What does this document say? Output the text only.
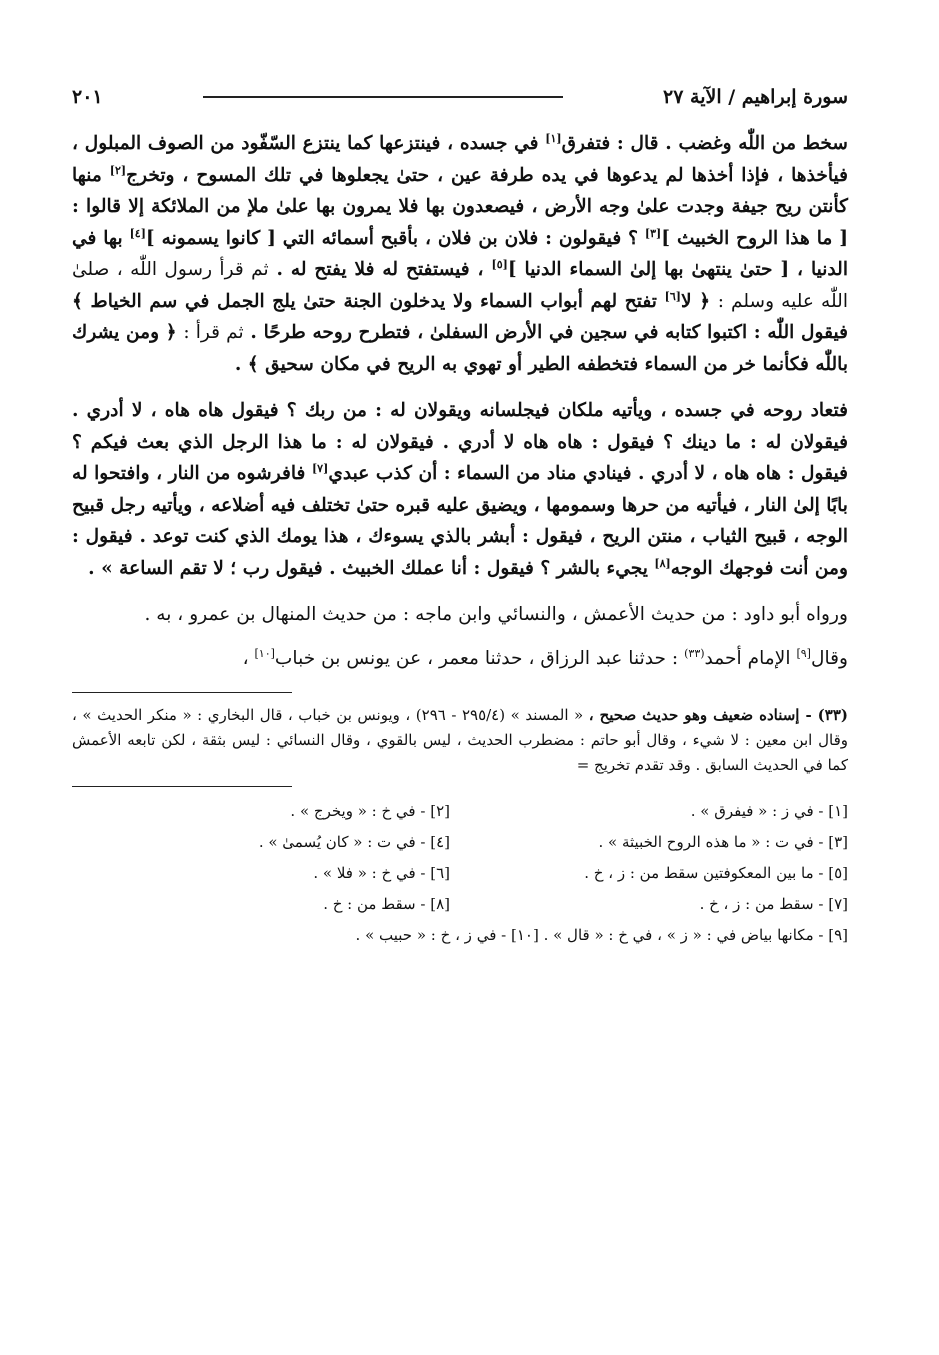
سورة إبراهيم / الآية ٢٧
٢٠١

سخط من اللّٰه وغضب . قال : فتفرق[١] في جسده ، فينتزعها كما ينتزع السّفّود من الصوف المبلول ، فيأخذها ، فإذا أخذها لم يدعوها في يده طرفة عين ، حتىٰ يجعلوها في تلك المسوح ، وتخرج[٢] منها كأنتن ريح جيفة وجدت علىٰ وجه الأرض ، فيصعدون بها فلا يمرون بها علىٰ ملإ من الملائكة إلا قالوا : [ ما هذا الروح الخبيث ][٣] ؟ فيقولون : فلان بن فلان ، بأقبح أسمائه التي [ كانوا يسمونه ][٤] بها في الدنيا ، [ حتىٰ ينتهىٰ بها إلىٰ السماء الدنيا ][٥] ، فيستفتح له فلا يفتح له . ثم قرأ رسول اللّٰه ، صلىٰ اللّٰه عليه وسلم : ﴿ لا[٦] تفتح لهم أبواب السماء ولا يدخلون الجنة حتىٰ يلج الجمل في سم الخياط ﴾ فيقول اللّٰه : اكتبوا كتابه في سجين في الأرض السفلىٰ ، فتطرح روحه طرحًا . ثم قرأ : ﴿ ومن يشرك باللّٰه فكأنما خر من السماء فتخطفه الطير أو تهوي به الريح في مكان سحيق ﴾ .

فتعاد روحه في جسده ، ويأتيه ملكان فيجلسانه ويقولان له : من ربك ؟ فيقول هاه هاه ، لا أدري . فيقولان له : ما دينك ؟ فيقول : هاه هاه لا أدري . فيقولان له : ما هذا الرجل الذي بعث فيكم ؟ فيقول : هاه هاه ، لا أدري . فينادي مناد من السماء : أن كذب عبدي[٧] فافرشوه من النار ، وافتحوا له بابًا إلىٰ النار ، فيأتيه من حرها وسمومها ، ويضيق عليه قبره حتىٰ تختلف فيه أضلاعه ، ويأتيه رجل قبيح الوجه ، قبيح الثياب ، منتن الريح ، فيقول : أبشر بالذي يسوءك ، هذا يومك الذي كنت توعد . فيقول : ومن أنت فوجهك الوجه[٨] يجيء بالشر ؟ فيقول : أنا عملك الخبيث . فيقول رب ؛ لا تقم الساعة » .

ورواه أبو داود : من حديث الأعمش ، والنسائي وابن ماجه : من حديث المنهال بن عمرو ، به .

وقال[٩] الإمام أحمد$^{(٣٣)}$ : حدثنا عبد الرزاق ، حدثنا معمر ، عن يونس بن خباب[١٠] ،

(٣٣) - إسناده ضعيف وهو حديث صحيح ، « المسند » (٢٩٥/٤ - ٢٩٦) ، ويونس بن خباب ، قال البخاري : « منكر الحديث » ، وقال ابن معين : لا شيء ، وقال أبو حاتم : مضطرب الحديث ، ليس بالقوي ، وقال النسائي : ليس بثقة ، لكن تابعه الأعمش كما في الحديث السابق . وقد تقدم تخريج =
[١] - في ز : « فيفرق » .
[٢] - في خ : « ويخرج » .
[٣] - في ت : « ما هذه الروح الخبيثة » .
[٤] - في ت : « كان يُسمىٰ » .
[٥] - ما بين المعكوفتين سقط من : ز ، خ .
[٦] - في خ : « فلا » .
[٧] - سقط من : ز ، خ .
[٨] - سقط من : خ .
[٩] - مكانها بياض في : « ز » ، في خ : « قال » . [١٠] - في ز ، خ : « حبيب » .
